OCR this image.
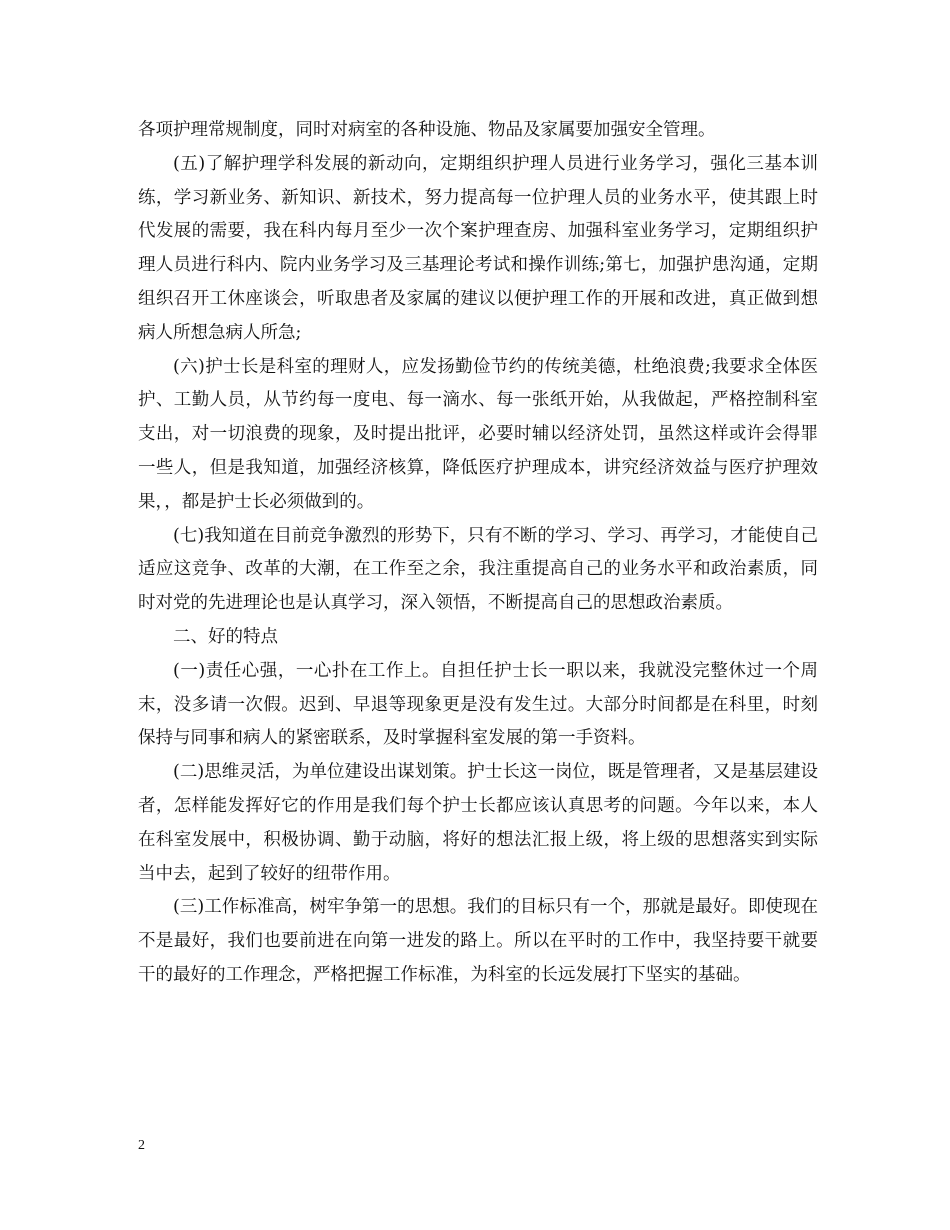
各项护理常规制度，同时对病室的各种设施、物品及家属要加强安全管理。

(五)了解护理学科发展的新动向，定期组织护理人员进行业务学习，强化三基本训练，学习新业务、新知识、新技术，努力提高每一位护理人员的业务水平，使其跟上时代发展的需要，我在科内每月至少一次个案护理查房、加强科室业务学习，定期组织护理人员进行科内、院内业务学习及三基理论考试和操作训练;第七，加强护患沟通，定期组织召开工休座谈会，听取患者及家属的建议以便护理工作的开展和改进，真正做到想病人所想急病人所急;

(六)护士长是科室的理财人，应发扬勤俭节约的传统美德，杜绝浪费;我要求全体医护、工勤人员，从节约每一度电、每一滴水、每一张纸开始，从我做起，严格控制科室支出，对一切浪费的现象，及时提出批评，必要时辅以经济处罚，虽然这样或许会得罪一些人，但是我知道，加强经济核算，降低医疗护理成本，讲究经济效益与医疗护理效果，，都是护士长必须做到的。

(七)我知道在目前竞争激烈的形势下，只有不断的学习、学习、再学习，才能使自己适应这竞争、改革的大潮，在工作至之余，我注重提高自己的业务水平和政治素质，同时对党的先进理论也是认真学习，深入领悟，不断提高自己的思想政治素质。

二、好的特点

(一)责任心强，一心扑在工作上。自担任护士长一职以来，我就没完整休过一个周末，没多请一次假。迟到、早退等现象更是没有发生过。大部分时间都是在科里，时刻保持与同事和病人的紧密联系，及时掌握科室发展的第一手资料。

(二)思维灵活，为单位建设出谋划策。护士长这一岗位，既是管理者，又是基层建设者，怎样能发挥好它的作用是我们每个护士长都应该认真思考的问题。今年以来，本人在科室发展中，积极协调、勤于动脑，将好的想法汇报上级，将上级的思想落实到实际当中去，起到了较好的纽带作用。

(三)工作标准高，树牢争第一的思想。我们的目标只有一个，那就是最好。即使现在不是最好，我们也要前进在向第一进发的路上。所以在平时的工作中，我坚持要干就要干的最好的工作理念，严格把握工作标准，为科室的长远发展打下坚实的基础。

2
